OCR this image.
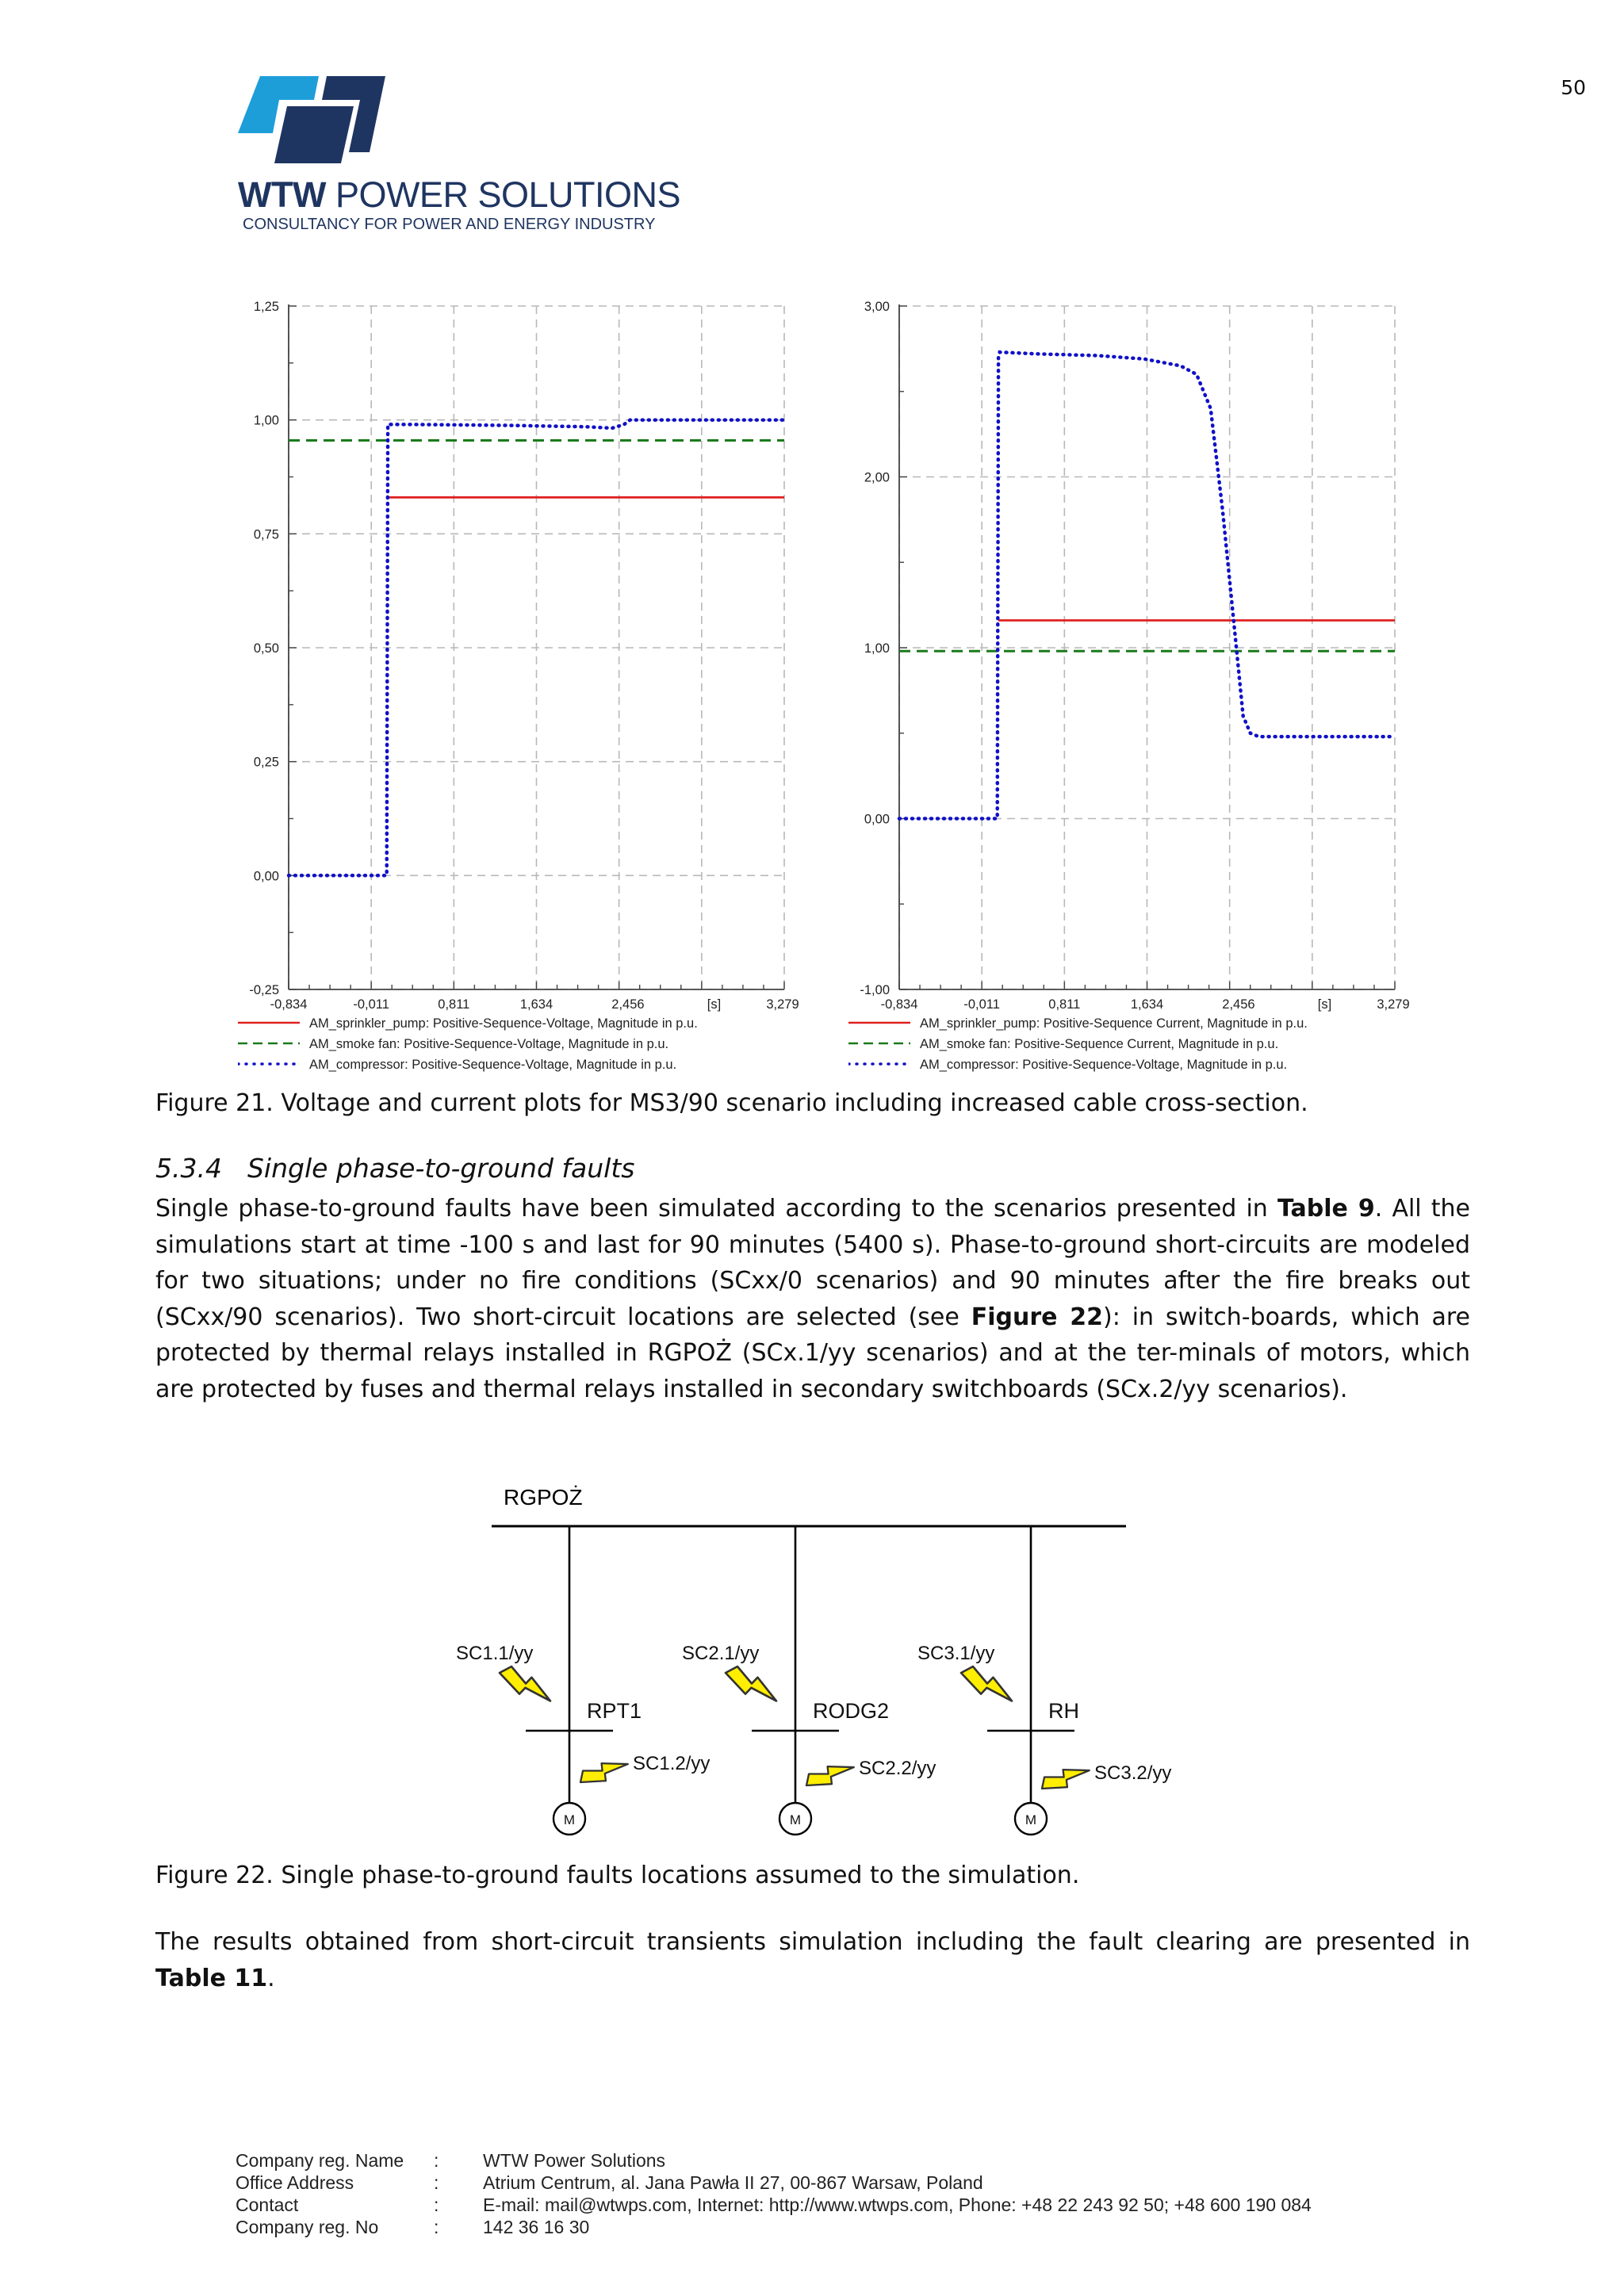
50
WTW POWER SOLUTIONS
CONSULTANCY FOR POWER AND ENERGY INDUSTRY
1,25
1,00
0,75
0,50
0,25
0,00
-0,25
-0,834	-0,011	0,811	1,634	2,456	[s]	3,279
AM_sprinkler_pump: Positive-Sequence-Voltage, Magnitude in p.u.
AM_smoke fan: Positive-Sequence-Voltage, Magnitude in p.u.
AM_compressor: Positive-Sequence-Voltage, Magnitude in p.u.
3,00
2,00
1,00
0,00
-1,00
-0,834	-0,011	0,811	1,634	2,456	[s]	3,279
AM_sprinkler_pump: Positive-Sequence Current, Magnitude in p.u.
AM_smoke fan: Positive-Sequence Current, Magnitude in p.u.
AM_compressor: Positive-Sequence-Voltage, Magnitude in p.u.
Figure 21. Voltage and current plots for MS3/90 scenario including increased cable cross-section.
5.3.4 Single phase-to-ground faults
Single phase-to-ground faults have been simulated according to the scenarios presented in Table 9. All the simulations start at time -100 s and last for 90 minutes (5400 s). Phase-to-ground short-circuits are modeled for two situations; under no fire conditions (SCxx/0 scenarios) and 90 minutes after the fire breaks out (SCxx/90 scenarios). Two short-circuit locations are selected (see Figure 22): in switch-boards, which are protected by thermal relays installed in RGPOŻ (SCx.1/yy scenarios) and at the ter-minals of motors, which are protected by fuses and thermal relays installed in secondary switchboards (SCx.2/yy scenarios).
RGPOŻ
RPT1
SC1.1/yy
SC1.2/yy
M
RODG2
SC2.1/yy
SC2.2/yy
M
RH
SC3.1/yy
SC3.2/yy
M
Figure 22. Single phase-to-ground faults locations assumed to the simulation.
The results obtained from short-circuit transients simulation including the fault clearing are presented in Table 11.
Company reg. Name	:	WTW Power Solutions
Office Address	:	Atrium Centrum, al. Jana Pawła II 27, 00-867 Warsaw, Poland
Contact	:	E-mail: mail@wtwps.com, Internet: http://www.wtwps.com, Phone: +48 22 243 92 50; +48 600 190 084
Company reg. No	:	142 36 16 30
